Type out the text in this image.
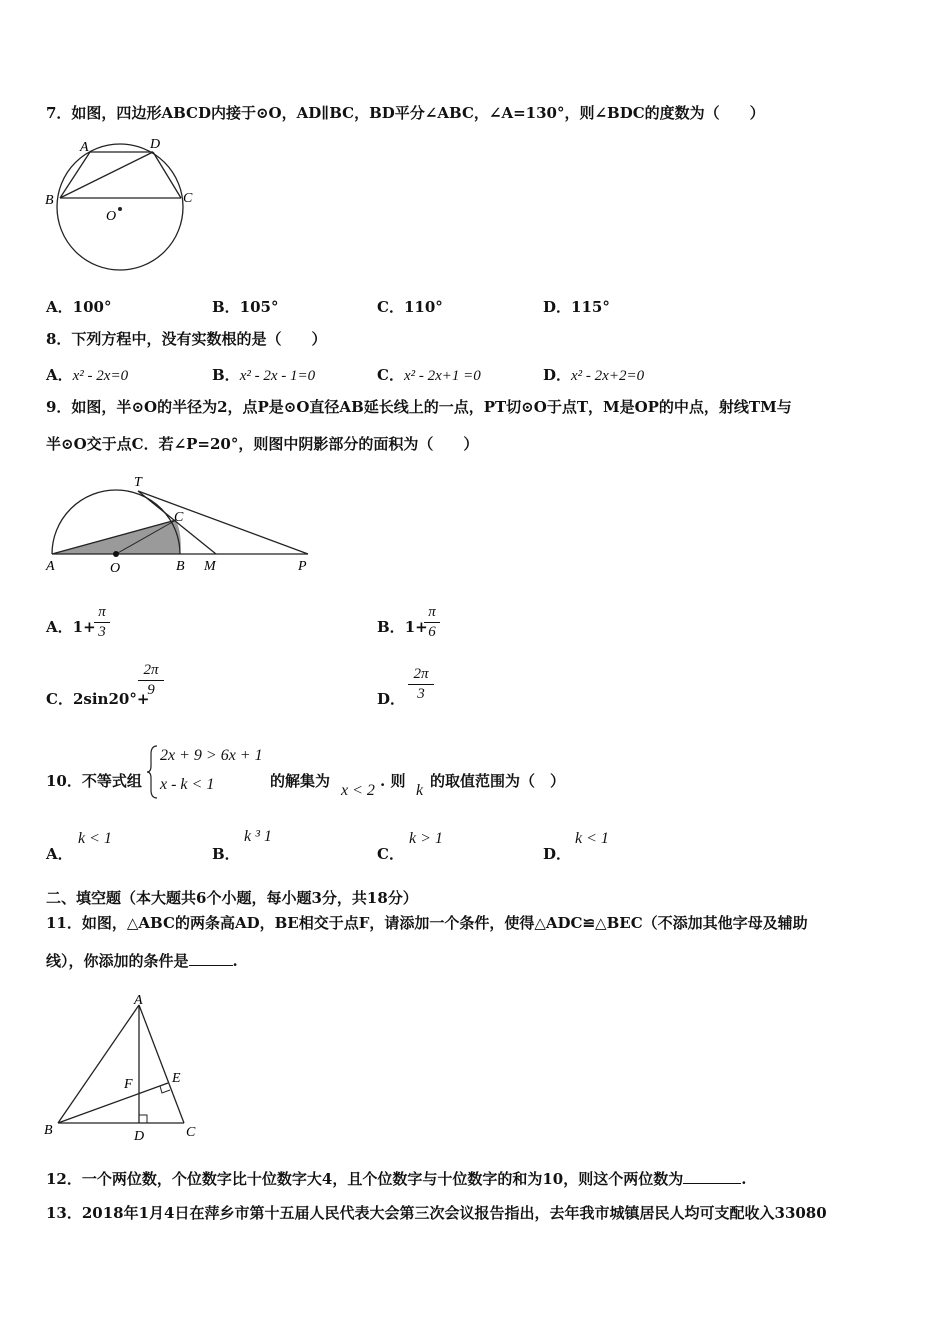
7．如图，四边形ABCD内接于⊙O，AD∥BC，BD平分∠ABC，∠A=130°，则∠BDC的度数为（　　）
A	D
B	C
O
A．100°	B．105°	C．110°	D．115°
8．下列方程中，没有实数根的是（　　）
A．x² - 2x=0	B．x² - 2x - 1=0	C．x² - 2x+1 =0	D．x² - 2x+2=0
9．如图，半⊙O的半径为2，点P是⊙O直径AB延长线上的一点，PT切⊙O于点T，M是OP的中点，射线TM与
半⊙O交于点C．若∠P=20°，则图中阴影部分的面积为（　　）
T
C
A	O	B M	P
A．1+
π
3	B．1+
π
6
C．2sin20°+
2π
9	D．
2π
3
10．不等式组
2x + 9 > 6x + 1
x - k < 1	的解集为
x < 2
. 则
k
的取值范围为（　）
A．
k < 1
B．
k ³ 1
C．
k > 1
D．
k < 1
二、填空题（本大题共6个小题，每小题3分，共18分）
11．如图，△ABC的两条高AD，BE相交于点F，请添加一个条件，使得△ADC≌△BEC（不添加其他字母及辅助
线），你添加的条件是	.
A
E
F
B	D	C
12．一个两位数，个位数字比十位数字大4，且个位数字与十位数字的和为10，则这个两位数为	.
13．2018年1月4日在萍乡市第十五届人民代表大会第三次会议报告指出，去年我市城镇居民人均可支配收入33080
